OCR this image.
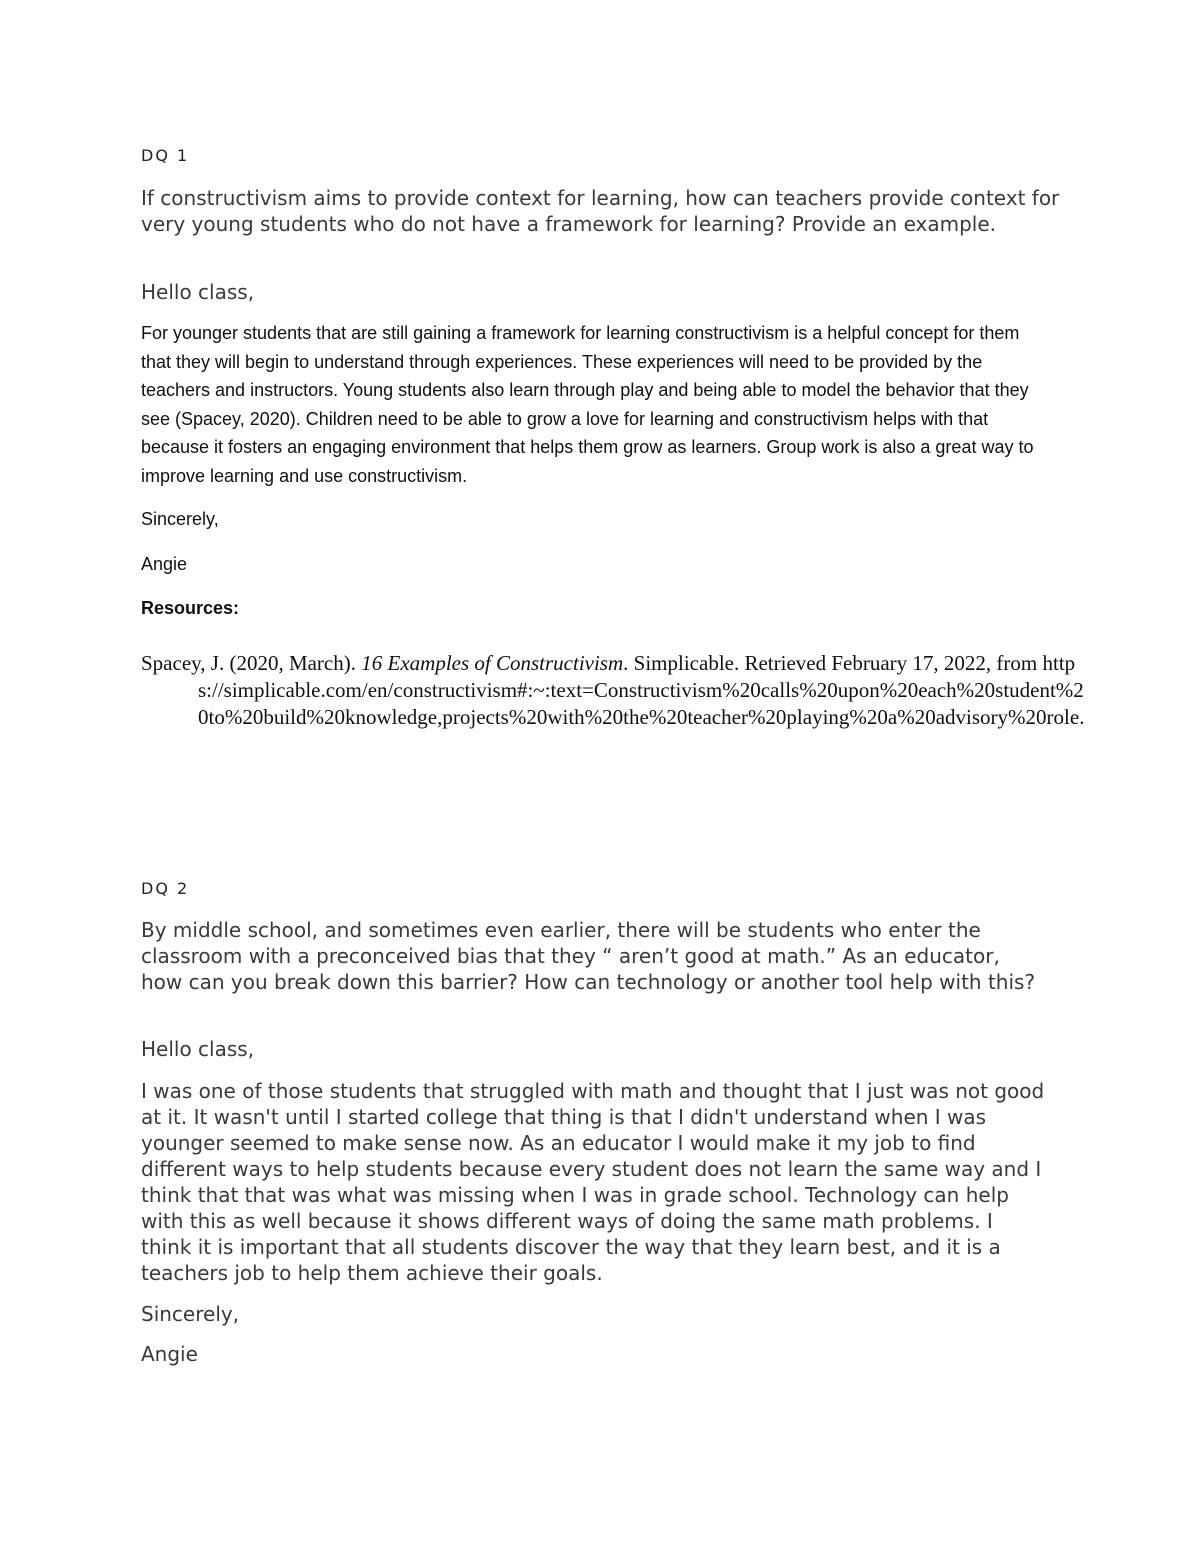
DQ 1

If constructivism aims to provide context for learning, how can teachers provide context for very young students who do not have a framework for learning? Provide an example.

Hello class,

For younger students that are still gaining a framework for learning constructivism is a helpful concept for them that they will begin to understand through experiences. These experiences will need to be provided by the teachers and instructors. Young students also learn through play and being able to model the behavior that they see (Spacey, 2020). Children need to be able to grow a love for learning and constructivism helps with that because it fosters an engaging environment that helps them grow as learners. Group work is also a great way to improve learning and use constructivism.

Sincerely,

Angie

Resources:

Spacey, J. (2020, March). 16 Examples of Constructivism. Simplicable. Retrieved February 17, 2022, from https://simplicable.com/en/constructivism#:~:text=Constructivism%20calls%20upon%20each%20student%20to%20build%20knowledge,projects%20with%20the%20teacher%20playing%20a%20advisory%20role.

DQ 2

By middle school, and sometimes even earlier, there will be students who enter the classroom with a preconceived bias that they “ aren’t good at math.” As an educator, how can you break down this barrier? How can technology or another tool help with this?

Hello class,

I was one of those students that struggled with math and thought that I just was not good at it. It wasn't until I started college that thing is that I didn't understand when I was younger seemed to make sense now. As an educator I would make it my job to find different ways to help students because every student does not learn the same way and I think that that was what was missing when I was in grade school. Technology can help with this as well because it shows different ways of doing the same math problems. I think it is important that all students discover the way that they learn best, and it is a teachers job to help them achieve their goals.

Sincerely,

Angie
